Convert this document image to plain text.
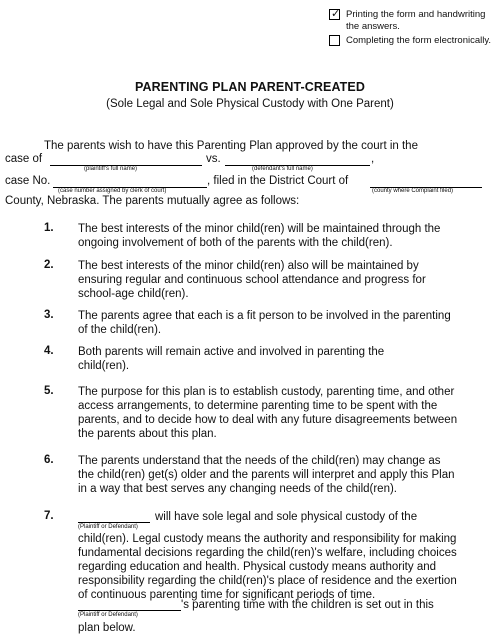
✓ Printing the form and handwriting
the answers.
Completing the form electronically.
PARENTING PLAN PARENT-CREATED
(Sole Legal and Sole Physical Custody with One Parent)
The parents wish to have this Parenting Plan approved by the court in the
case of	vs.	,
(plaintiff's full name)	(defendant's full name)
case No.	, filed in the District Court of
(case number assigned by clerk of court)	(county where Complaint filed)
County, Nebraska. The parents mutually agree as follows:
1. The best interests of the minor child(ren) will be maintained through the
ongoing involvement of both of the parents with the child(ren).
2. The best interests of the minor child(ren) also will be maintained by
ensuring regular and continuous school attendance and progress for
school-age child(ren).
3. The parents agree that each is a fit person to be involved in the parenting
of the child(ren).
4. Both parents will remain active and involved in parenting the
child(ren).
5. The purpose for this plan is to establish custody, parenting time, and other
access arrangements, to determine parenting time to be spent with the
parents, and to decide how to deal with any future disagreements between
the parents about this plan.
6. The parents understand that the needs of the child(ren) may change as
the child(ren) get(s) older and the parents will interpret and apply this Plan
in a way that best serves any changing needs of the child(ren).
7.	will have sole legal and sole physical custody of the
(Plaintiff or Defendant)
child(ren). Legal custody means the authority and responsibility for making
fundamental decisions regarding the child(ren)'s welfare, including choices
regarding education and health. Physical custody means authority and
responsibility regarding the child(ren)'s place of residence and the exertion
of continuous parenting time for significant periods of time.
's parenting time with the children is set out in this
(Plaintiff or Defendant)
plan below.
